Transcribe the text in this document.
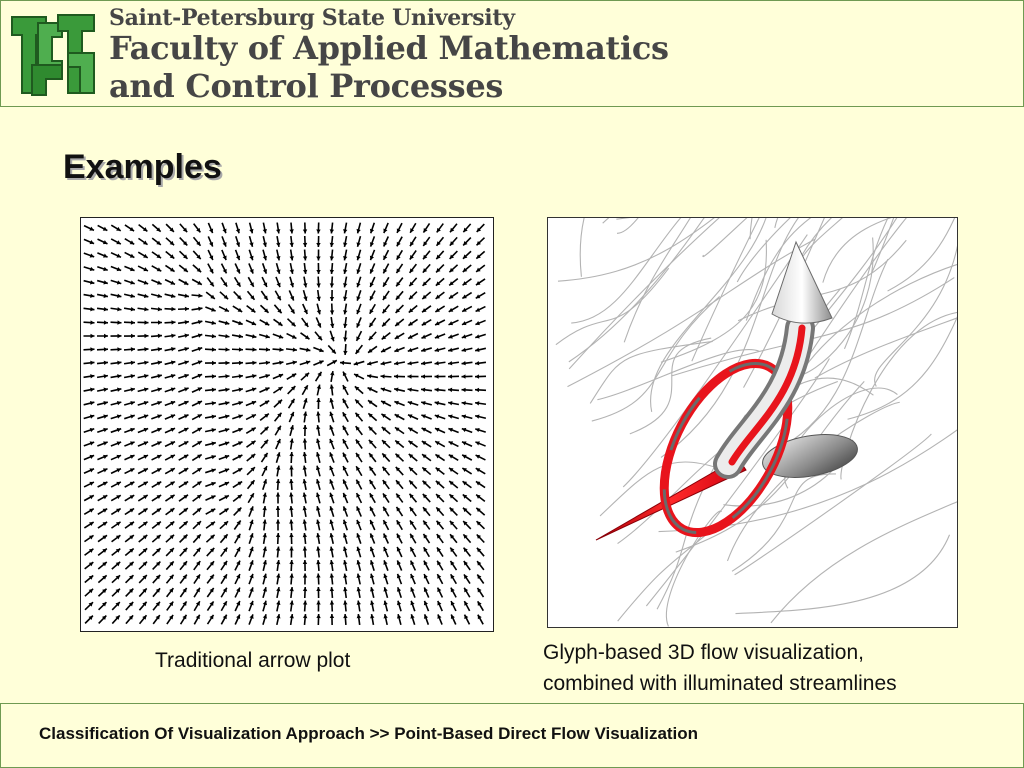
Saint-Petersburg State University
Faculty of Applied Mathematics
and Control Processes
Examples
Traditional arrow plot	Glyph-based 3D flow visualization,
combined with illuminated streamlines
Classification Of Visualization Approach >> Point-Based Direct Flow Visualization
